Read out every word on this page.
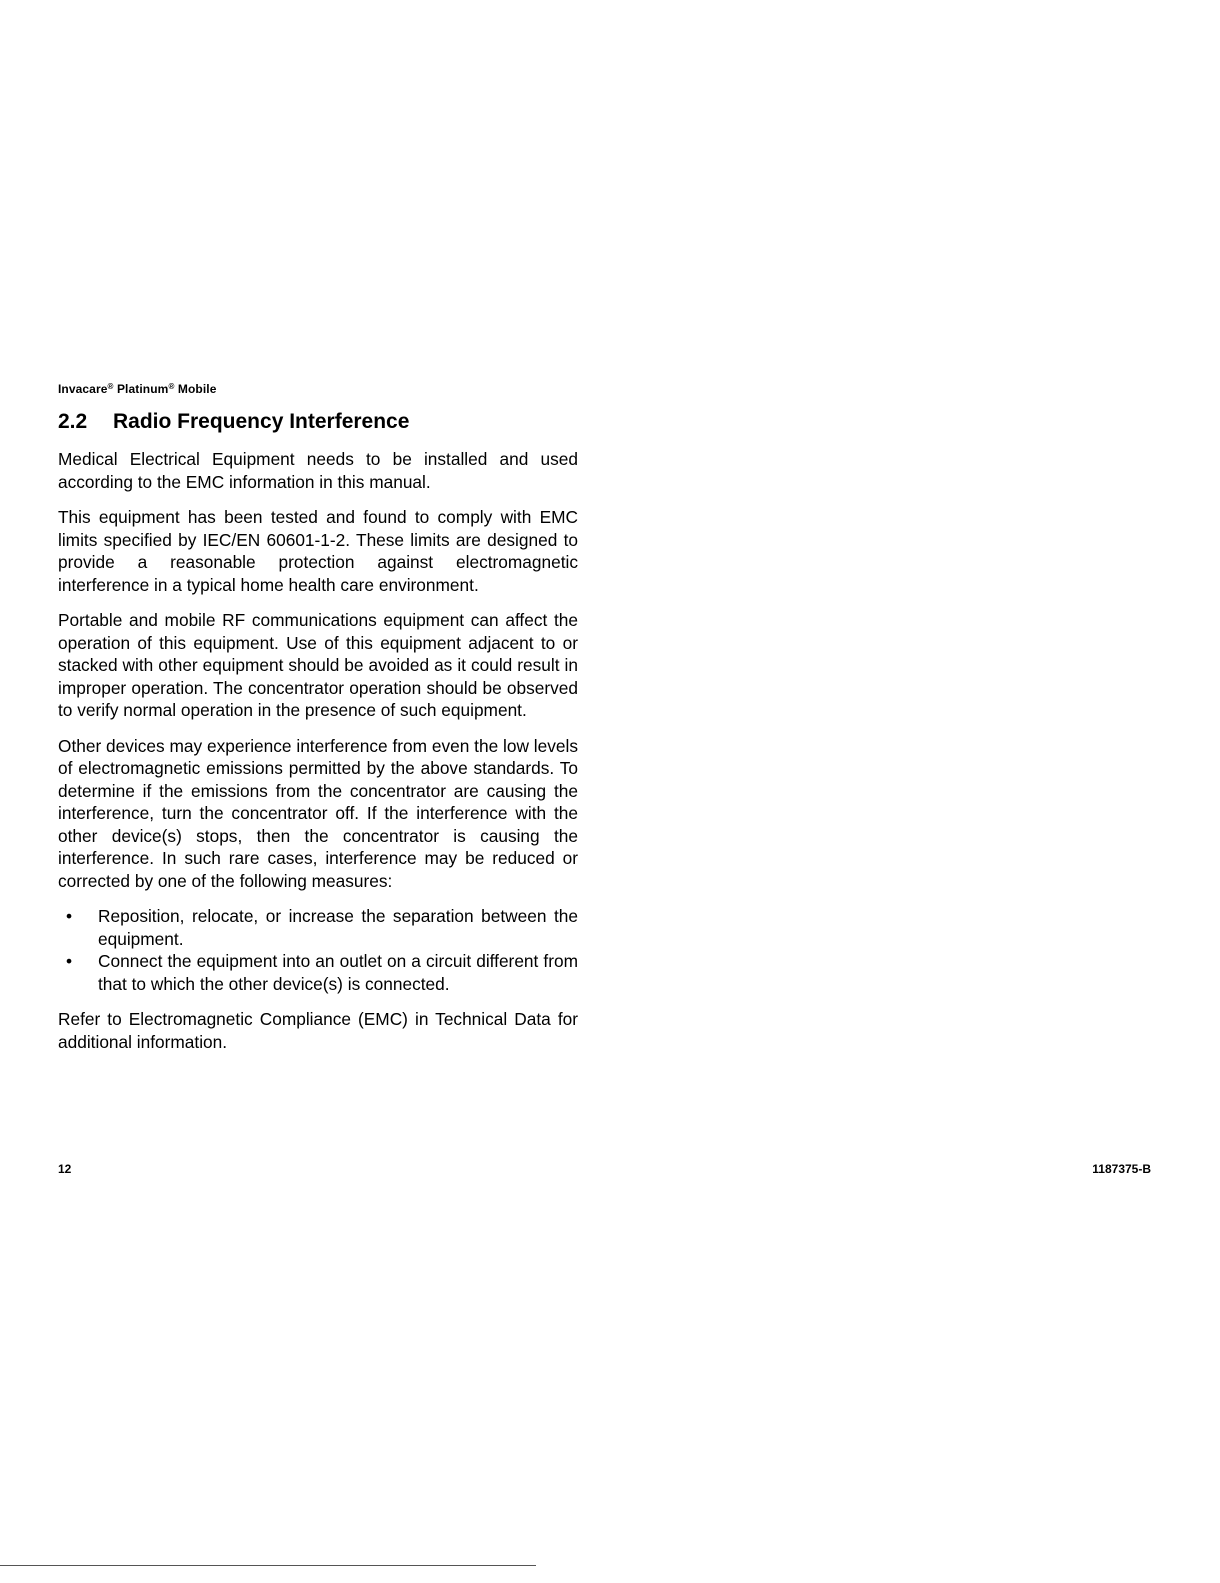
Invacare® Platinum® Mobile
2.2 Radio Frequency Interference

Medical Electrical Equipment needs to be installed and used according to the EMC information in this manual.

This equipment has been tested and found to comply with EMC limits specified by IEC/EN 60601-1-2. These limits are designed to provide a reasonable protection against electromagnetic interference in a typical home health care environment.

Portable and mobile RF communications equipment can affect the operation of this equipment. Use of this equipment adjacent to or stacked with other equipment should be avoided as it could result in improper operation. The concentrator operation should be observed to verify normal operation in the presence of such equipment.

Other devices may experience interference from even the low levels of electromagnetic emissions permitted by the above standards. To determine if the emissions from the concentrator are causing the interference, turn the concentrator off. If the interference with the other device(s) stops, then the concentrator is causing the interference. In such rare cases, interference may be reduced or corrected by one of the following measures:

• Reposition, relocate, or increase the separation between the equipment.
• Connect the equipment into an outlet on a circuit different from that to which the other device(s) is connected.

Refer to Electromagnetic Compliance (EMC) in Technical Data for additional information.

12	1187375-B
